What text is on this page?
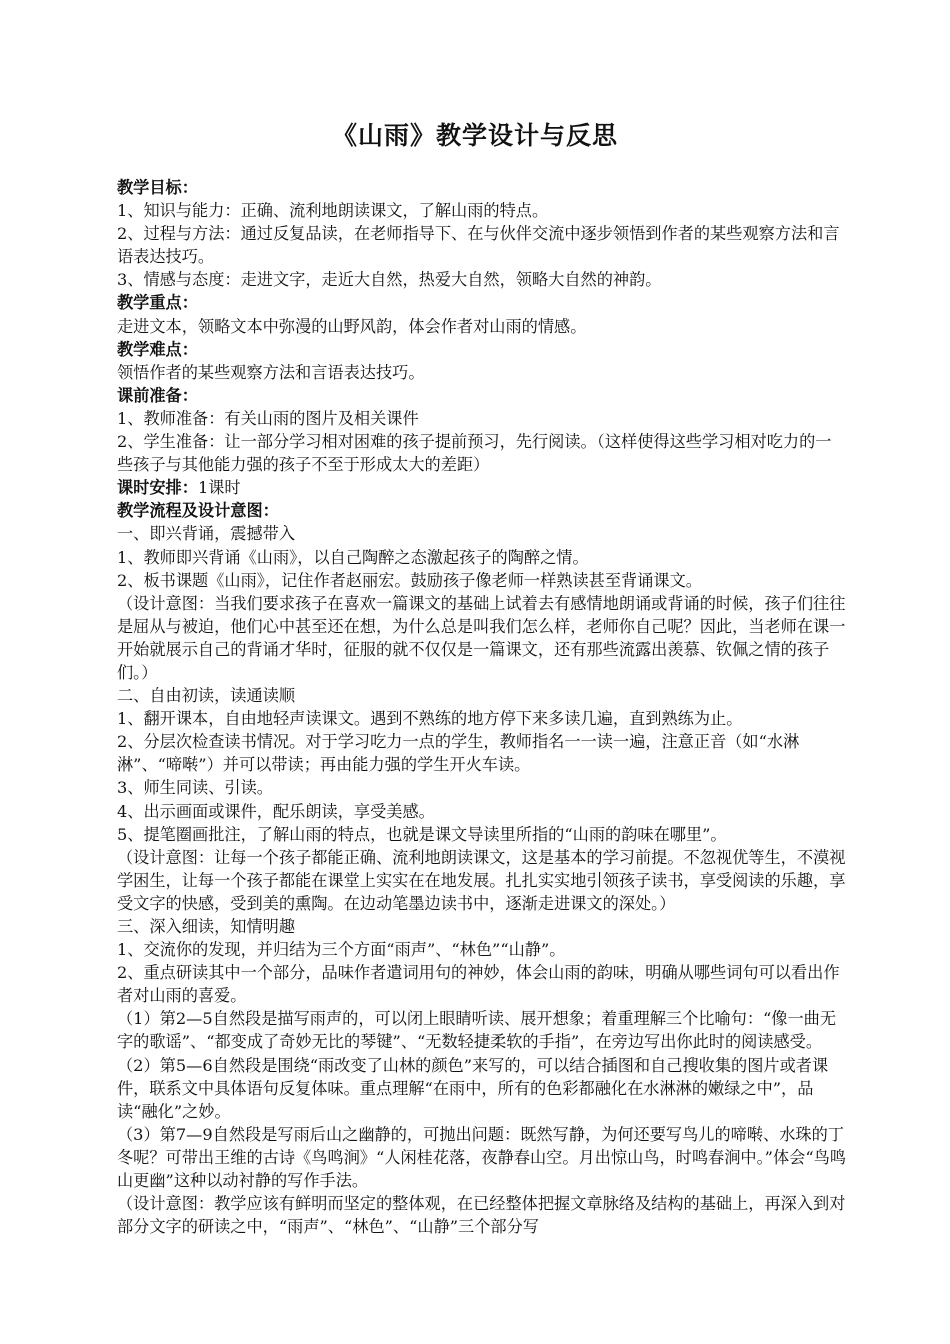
《山雨》教学设计与反思

教学目标：

1、知识与能力：正确、流利地朗读课文，了解山雨的特点。

2、过程与方法：通过反复品读，在老师指导下、在与伙伴交流中逐步领悟到作者的某些观察方法和言语表达技巧。

3、情感与态度：走进文字，走近大自然，热爱大自然，领略大自然的神韵。

教学重点：

走进文本，领略文本中弥漫的山野风韵，体会作者对山雨的情感。

教学难点：

领悟作者的某些观察方法和言语表达技巧。

课前准备：

1、教师准备：有关山雨的图片及相关课件

2、学生准备：让一部分学习相对困难的孩子提前预习，先行阅读。（这样使得这些学习相对吃力的一些孩子与其他能力强的孩子不至于形成太大的差距）

课时安排：1课时

教学流程及设计意图：

一、即兴背诵，震撼带入

1、教师即兴背诵《山雨》，以自己陶醉之态激起孩子的陶醉之情。

2、板书课题《山雨》，记住作者赵丽宏。鼓励孩子像老师一样熟读甚至背诵课文。

（设计意图：当我们要求孩子在喜欢一篇课文的基础上试着去有感情地朗诵或背诵的时候，孩子们往往是屈从与被迫，他们心中甚至还在想，为什么总是叫我们怎么样，老师你自己呢？因此，当老师在课一开始就展示自己的背诵才华时，征服的就不仅仅是一篇课文，还有那些流露出羡慕、钦佩之情的孩子们。）

二、自由初读，读通读顺

1、翻开课本，自由地轻声读课文。遇到不熟练的地方停下来多读几遍，直到熟练为止。

2、分层次检查读书情况。对于学习吃力一点的学生，教师指名一一读一遍，注意正音（如“水淋淋”、“啼啭”）并可以带读；再由能力强的学生开火车读。

3、师生同读、引读。

4、出示画面或课件，配乐朗读，享受美感。

5、提笔圈画批注，了解山雨的特点，也就是课文导读里所指的“山雨的韵味在哪里”。

（设计意图：让每一个孩子都能正确、流利地朗读课文，这是基本的学习前提。不忽视优等生，不漠视学困生，让每一个孩子都能在课堂上实实在在地发展。扎扎实实地引领孩子读书，享受阅读的乐趣，享受文字的快感，受到美的熏陶。在边动笔墨边读书中，逐渐走进课文的深处。）

三、深入细读，知情明趣

1、交流你的发现，并归结为三个方面“雨声”、“林色”“山静”。

2、重点研读其中一个部分，品味作者遣词用句的神妙，体会山雨的韵味，明确从哪些词句可以看出作者对山雨的喜爱。

（1）第2—5自然段是描写雨声的，可以闭上眼睛听读、展开想象；着重理解三个比喻句：“像一曲无字的歌谣”、“都变成了奇妙无比的琴键”、“无数轻捷柔软的手指”，在旁边写出你此时的阅读感受。

（2）第5—6自然段是围绕“雨改变了山林的颜色”来写的，可以结合插图和自己搜收集的图片或者课件，联系文中具体语句反复体味。重点理解“在雨中，所有的色彩都融化在水淋淋的嫩绿之中”，品读“融化”之妙。

（3）第7—9自然段是写雨后山之幽静的，可抛出问题：既然写静，为何还要写鸟儿的啼啭、水珠的丁冬呢？可带出王维的古诗《鸟鸣涧》“人闲桂花落，夜静春山空。月出惊山鸟，时鸣春涧中。”体会“鸟鸣山更幽”这种以动衬静的写作手法。

（设计意图：教学应该有鲜明而坚定的整体观，在已经整体把握文章脉络及结构的基础上，再深入到对部分文字的研读之中，“雨声”、“林色”、“山静”三个部分写
